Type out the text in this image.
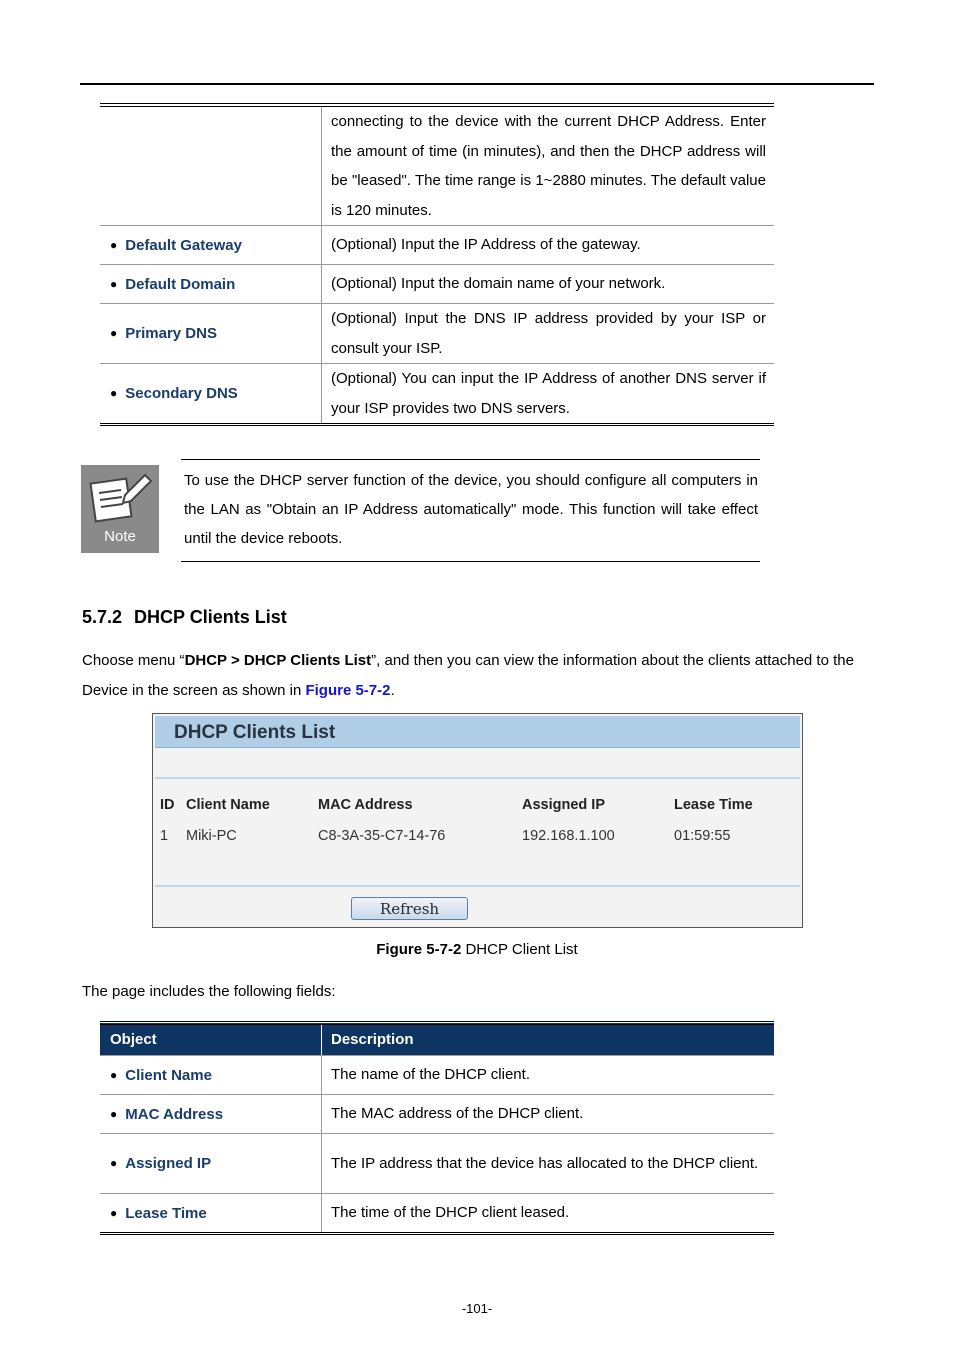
	connecting to the device with the current DHCP Address. Enter the amount of time (in minutes), and then the DHCP address will be "leased". The time range is 1~2880 minutes. The default value is 120 minutes.
● Default Gateway	(Optional) Input the IP Address of the gateway.
● Default Domain	(Optional) Input the domain name of your network.
● Primary DNS	(Optional) Input the DNS IP address provided by your ISP or consult your ISP.
● Secondary DNS	(Optional) You can input the IP Address of another DNS server if your ISP provides two DNS servers.
Note

To use the DHCP server function of the device, you should configure all computers in the LAN as "Obtain an IP Address automatically" mode. This function will take effect until the device reboots.

5.7.2 DHCP Clients List
Choose menu “DHCP > DHCP Clients List”, and then you can view the information about the clients attached to the Device in the screen as shown in Figure 5-7-2.
DHCP Clients List
ID Client Name	MAC Address	Assigned IP	Lease Time
1 Miki-PC	C8-3A-35-C7-14-76	192.168.1.100	01:59:55
Refresh
Figure 5-7-2 DHCP Client List
The page includes the following fields:
Object	Description
● Client Name	The name of the DHCP client.
● MAC Address	The MAC address of the DHCP client.
● Assigned IP	The IP address that the device has allocated to the DHCP client.
● Lease Time	The time of the DHCP client leased.
-101-
